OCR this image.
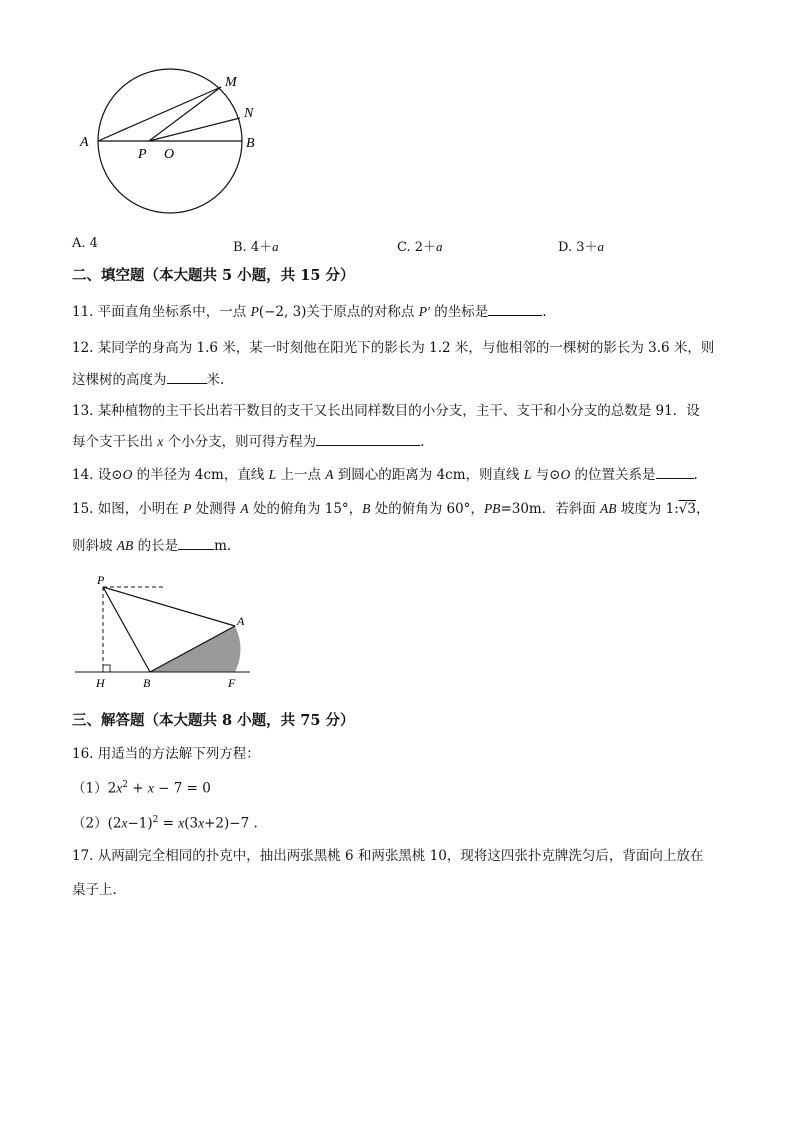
M
N
A	B
P O
A. 4	B. 4＋a	C. 2＋a	D. 3＋a
二、填空题（本大题共 5 小题，共 15 分）
11. 平面直角坐标系中，一点 P(−2, 3)关于原点的对称点 P′ 的坐标是	.
12. 某同学的身高为 1.6 米，某一时刻他在阳光下的影长为 1.2 米，与他相邻的一棵树的影长为 3.6 米，则
这棵树的高度为	米.
13. 某种植物的主干长出若干数目的支干又长出同样数目的小分支，主干、支干和小分支的总数是 91．设
每个支干长出 x 个小分支，则可得方程为	.
14. 设⊙O 的半径为 4cm，直线 L 上一点 A 到圆心的距离为 4cm，则直线 L 与⊙O 的位置关系是	.
15. 如图，小明在 P 处测得 A 处的俯角为 15°，B 处的俯角为 60°，PB=30m．若斜面 AB 坡度为 1:√3，
则斜坡 AB 的长是	m.
P
A
H	B	F
三、解答题（本大题共 8 小题，共 75 分）
16. 用适当的方法解下列方程：
$(1)2x^2 + x - 7 = 0$
$(2)(2x-1)^2 = x(3x+2)-7$ .
17. 从两副完全相同的扑克中，抽出两张黑桃 6 和两张黑桃 10，现将这四张扑克牌洗匀后，背面向上放在
桌子上.
